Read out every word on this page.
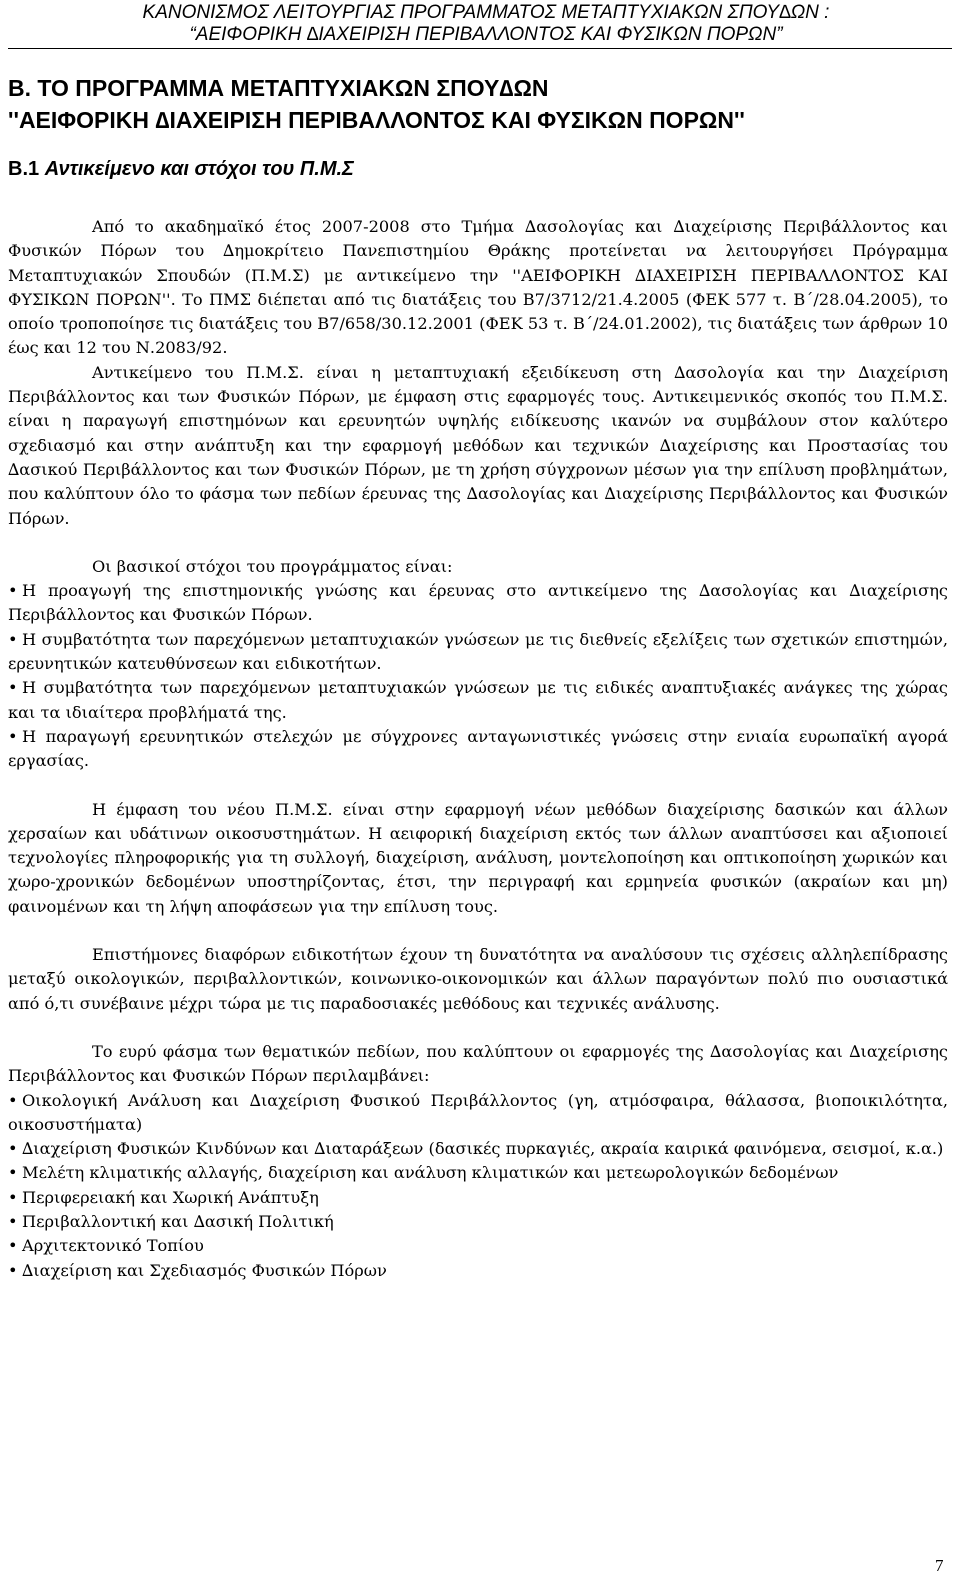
ΚΑΝΟΝΙΣΜΟΣ ΛΕΙΤΟΥΡΓΙΑΣ ΠΡΟΓΡΑΜΜΑΤΟΣ ΜΕΤΑΠΤΥΧΙΑΚΩΝ ΣΠΟΥ∆ΩΝ :
“ΑΕΙΦΟΡΙΚΗ ∆ΙΑΧΕΙΡΙΣΗ ΠΕΡΙΒΑΛΛΟΝΤΟΣ ΚΑΙ ΦΥΣΙΚΩΝ ΠΟΡΩΝ”
Β. ΤΟ ΠΡΟΓΡΑΜΜΑ ΜΕΤΑΠΤΥΧΙΑΚΩΝ ΣΠΟΥ∆ΩΝ
''ΑΕΙΦΟΡΙΚΗ ∆ΙΑΧΕΙΡΙΣΗ ΠΕΡΙΒΑΛΛΟΝΤΟΣ ΚΑΙ ΦΥΣΙΚΩΝ ΠΟΡΩΝ''
Β.1 Αντικείμενο και στόχοι του Π.Μ.Σ

Από το ακαδημαϊκό έτος 2007-2008 στο Τμήμα ∆ασολογίας και ∆ιαχείρισης Περιβάλλοντος και Φυσικών Πόρων του ∆ημοκρίτειο Πανεπιστημίου Θράκης προτείνεται να λειτουργήσει Πρόγραμμα Μεταπτυχιακών Σπουδών (Π.Μ.Σ) με αντικείμενο την ''ΑΕΙΦΟΡΙΚΗ ∆ΙΑΧΕΙΡΙΣΗ ΠΕΡΙΒΑΛΛΟΝΤΟΣ ΚΑΙ ΦΥΣΙΚΩΝ ΠΟΡΩΝ''. Το ΠΜΣ διέπεται από τις διατάξεις του Β7/3712/21.4.2005 (ΦΕΚ 577 τ. Β΄/28.04.2005), το οποίο τροποποίησε τις διατάξεις του Β7/658/30.12.2001 (ΦΕΚ 53 τ. Β΄/24.01.2002), τις διατάξεις των άρθρων 10 έως και 12 του Ν.2083/92.

Αντικείμενο του Π.Μ.Σ. είναι η μεταπτυχιακή εξειδίκευση στη ∆ασολογία και την ∆ιαχείριση Περιβάλλοντος και των Φυσικών Πόρων, με έμφαση στις εφαρμογές τους. Αντικειμενικός σκοπός του Π.Μ.Σ. είναι η παραγωγή επιστημόνων και ερευνητών υψηλής ειδίκευσης ικανών να συμβάλουν στον καλύτερο σχεδιασμό και στην ανάπτυξη και την εφαρμογή μεθόδων και τεχνικών ∆ιαχείρισης και Προστασίας του ∆ασικού Περιβάλλοντος και των Φυσικών Πόρων, με τη χρήση σύγχρονων μέσων για την επίλυση προβλημάτων, που καλύπτουν όλο το φάσμα των πεδίων έρευνας της ∆ασολογίας και ∆ιαχείρισης Περιβάλλοντος και Φυσικών Πόρων.

Οι βασικοί στόχοι του προγράμματος είναι:

• Η προαγωγή της επιστημονικής γνώσης και έρευνας στο αντικείμενο της ∆ασολογίας και ∆ιαχείρισης Περιβάλλοντος και Φυσικών Πόρων.
• Η συμβατότητα των παρεχόμενων μεταπτυχιακών γνώσεων με τις διεθνείς εξελίξεις των σχετικών επιστημών, ερευνητικών κατευθύνσεων και ειδικοτήτων.
• Η συμβατότητα των παρεχόμενων μεταπτυχιακών γνώσεων με τις ειδικές αναπτυξιακές ανάγκες της χώρας και τα ιδιαίτερα προβλήματά της.
• Η παραγωγή ερευνητικών στελεχών με σύγχρονες ανταγωνιστικές γνώσεις στην ενιαία ευρωπαϊκή αγορά εργασίας.

Η έμφαση του νέου Π.Μ.Σ. είναι στην εφαρμογή νέων μεθόδων διαχείρισης δασικών και άλλων χερσαίων και υδάτινων οικοσυστημάτων. Η αειφορική διαχείριση εκτός των άλλων αναπτύσσει και αξιοποιεί τεχνολογίες πληροφορικής για τη συλλογή, διαχείριση, ανάλυση, μοντελοποίηση και οπτικοποίηση χωρικών και χωρο-χρονικών δεδομένων υποστηρίζοντας, έτσι, την περιγραφή και ερμηνεία φυσικών (ακραίων και μη) φαινομένων και τη λήψη αποφάσεων για την επίλυση τους.

Επιστήμονες διαφόρων ειδικοτήτων έχουν τη δυνατότητα να αναλύσουν τις σχέσεις αλληλεπίδρασης μεταξύ οικολογικών, περιβαλλοντικών, κοινωνικο-οικονομικών και άλλων παραγόντων πολύ πιο ουσιαστικά από ό,τι συνέβαινε μέχρι τώρα με τις παραδοσιακές μεθόδους και τεχνικές ανάλυσης.

Το ευρύ φάσμα των θεματικών πεδίων, που καλύπτουν οι εφαρμογές της ∆ασολογίας και ∆ιαχείρισης Περιβάλλοντος και Φυσικών Πόρων περιλαμβάνει:

• Οικολογική Ανάλυση και ∆ιαχείριση Φυσικού Περιβάλλοντος (γη, ατμόσφαιρα, θάλασσα, βιοποικιλότητα, οικοσυστήματα)
• ∆ιαχείριση Φυσικών Κινδύνων και ∆ιαταράξεων (δασικές πυρκαγιές, ακραία καιρικά φαινόμενα, σεισμοί, κ.α.)
• Μελέτη κλιματικής αλλαγής, διαχείριση και ανάλυση κλιματικών και μετεωρολογικών δεδομένων
• Περιφερειακή και Χωρική Ανάπτυξη
• Περιβαλλοντική και ∆ασική Πολιτική
• Αρχιτεκτονικό Τοπίου
• ∆ιαχείριση και Σχεδιασμός Φυσικών Πόρων
7
